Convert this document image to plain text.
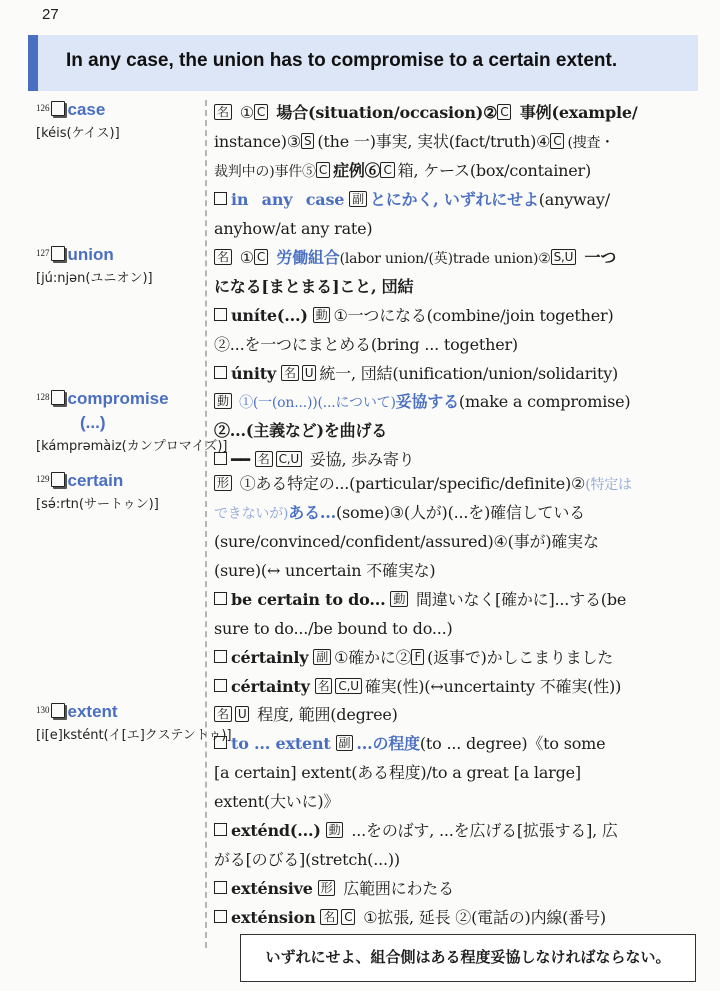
27
In any case, the union has to compromise to a certain extent.
$^{126}$ case
[kéis(ケイス)]
名 ① C 場合(situation/occasion)② C 事例(example/
instance)③ S (the 一)事実, 実状(fact/truth)④ C (捜査・
裁判中の)事件⑤ C 症例⑥ C 箱, ケース(box/container)
in any case 副 とにかく, いずれにせよ(anyway/
anyhow/at any rate)
$^{127}$ union
[jú:njən(ユニオン)]
名 ① C 労働組合(labor union/(英)trade union)② S,U 一つ
になる[まとまる]こと, 団結
uníte(...) 動 ①一つになる(combine/join together)
②...を一つにまとめる(bring ... together)
únity 名 U 統一, 団結(unification/union/solidarity)
$^{128}$ compromise
(...)
[kámprəmàiz(カンプロマイズ)]
動 ①(一(on...))(...について)妥協する(make a compromise)
②...(主義など)を曲げる
━━ 名 C,U 妥協, 歩み寄り
$^{129}$ certain
[sə́:rtn(サートゥン)]
形 ①ある特定の...(particular/specific/definite)②(特定は
できないが)ある...(some)③(人が)(...を)確信している
(sure/convinced/confident/assured)④(事が)確実な
(sure)(↔ uncertain 不確実な)
be certain to do... 動 間違いなく[確かに]...する(be
sure to do.../be bound to do...)
cértainly 副 ①確かに② F (返事で)かしこまりました
cértainty 名 C,U 確実(性)(↔uncertainty 不確実(性))
$^{130}$ extent
[i[e]kstént(イ[エ]クステントゥ)]
名 U 程度, 範囲(degree)
to ... extent 副 ...の程度(to ... degree)《to some
[a certain] extent(ある程度)/to a great [a large]
extent(大いに)》
exténd(...) 動 ...をのばす, ...を広げる[拡張する], 広
がる[のびる](stretch(...))
exténsive 形 広範囲にわたる
exténsion 名 C ①拡張, 延長 ②(電話の)内線(番号)
いずれにせよ、組合側はある程度妥協しなければならない。
